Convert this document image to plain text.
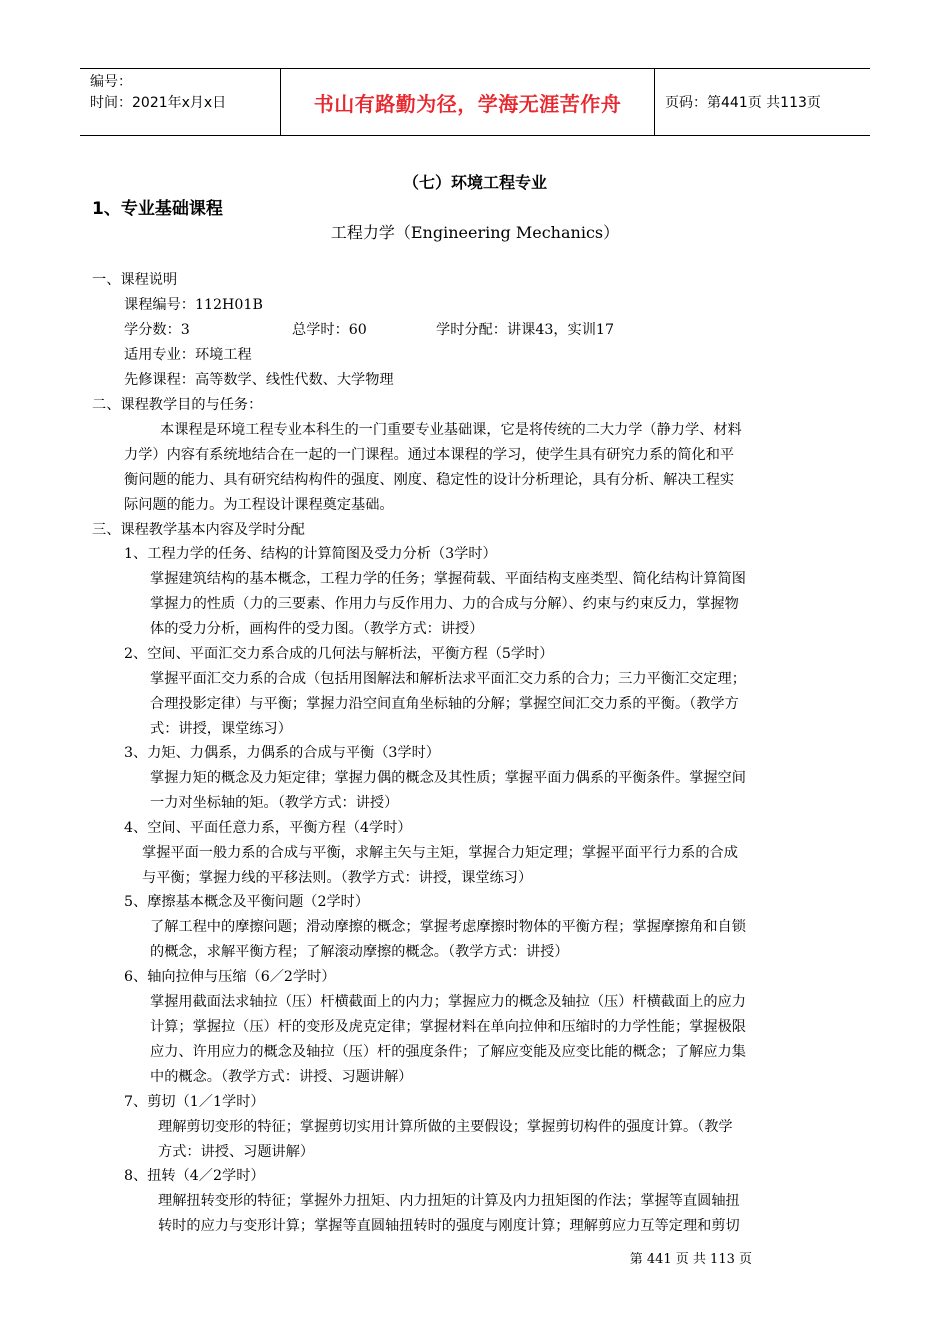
编号：
时间：2021年x月x日	书山有路勤为径，学海无涯苦作舟	页码：第441页 共113页
（七）环境工程专业
1、专业基础课程
工程力学（Engineering Mechanics）
一、课程说明
课程编号：112H01B
学分数：3	总学时：60	学时分配：讲课43，实训17
适用专业：环境工程
先修课程：高等数学、线性代数、大学物理
二、课程教学目的与任务：
本课程是环境工程专业本科生的一门重要专业基础课，它是将传统的二大力学（静力学、材料
力学）内容有系统地结合在一起的一门课程。通过本课程的学习，使学生具有研究力系的简化和平
衡问题的能力、具有研究结构构件的强度、刚度、稳定性的设计分析理论，具有分析、解决工程实
际问题的能力。为工程设计课程奠定基础。
三、课程教学基本内容及学时分配
1、工程力学的任务、结构的计算简图及受力分析（3学时）
掌握建筑结构的基本概念，工程力学的任务；掌握荷载、平面结构支座类型、简化结构计算简图
掌握力的性质（力的三要素、作用力与反作用力、力的合成与分解）、约束与约束反力，掌握物
体的受力分析，画构件的受力图。（教学方式：讲授）
2、空间、平面汇交力系合成的几何法与解析法，平衡方程（5学时）
掌握平面汇交力系的合成（包括用图解法和解析法求平面汇交力系的合力；三力平衡汇交定理；
合理投影定律）与平衡；掌握力沿空间直角坐标轴的分解；掌握空间汇交力系的平衡。（教学方
式：讲授，课堂练习）
3、力矩、力偶系，力偶系的合成与平衡（3学时）
掌握力矩的概念及力矩定律；掌握力偶的概念及其性质；掌握平面力偶系的平衡条件。掌握空间
一力对坐标轴的矩。（教学方式：讲授）
4、空间、平面任意力系，平衡方程（4学时）
掌握平面一般力系的合成与平衡，求解主矢与主矩，掌握合力矩定理；掌握平面平行力系的合成
与平衡；掌握力线的平移法则。（教学方式：讲授，课堂练习）
5、摩擦基本概念及平衡问题（2学时）
了解工程中的摩擦问题；滑动摩擦的概念；掌握考虑摩擦时物体的平衡方程；掌握摩擦角和自锁
的概念，求解平衡方程；了解滚动摩擦的概念。（教学方式：讲授）
6、轴向拉伸与压缩（6／2学时）
掌握用截面法求轴拉（压）杆横截面上的内力；掌握应力的概念及轴拉（压）杆横截面上的应力
计算；掌握拉（压）杆的变形及虎克定律；掌握材料在单向拉伸和压缩时的力学性能；掌握极限
应力、许用应力的概念及轴拉（压）杆的强度条件；了解应变能及应变比能的概念；了解应力集
中的概念。（教学方式：讲授、习题讲解）
7、剪切（1／1学时）
理解剪切变形的特征；掌握剪切实用计算所做的主要假设；掌握剪切构件的强度计算。（教学
方式：讲授、习题讲解）
8、扭转（4／2学时）
理解扭转变形的特征；掌握外力扭矩、内力扭矩的计算及内力扭矩图的作法；掌握等直圆轴扭
转时的应力与变形计算；掌握等直圆轴扭转时的强度与刚度计算；理解剪应力互等定理和剪切
第 441 页 共 113 页
